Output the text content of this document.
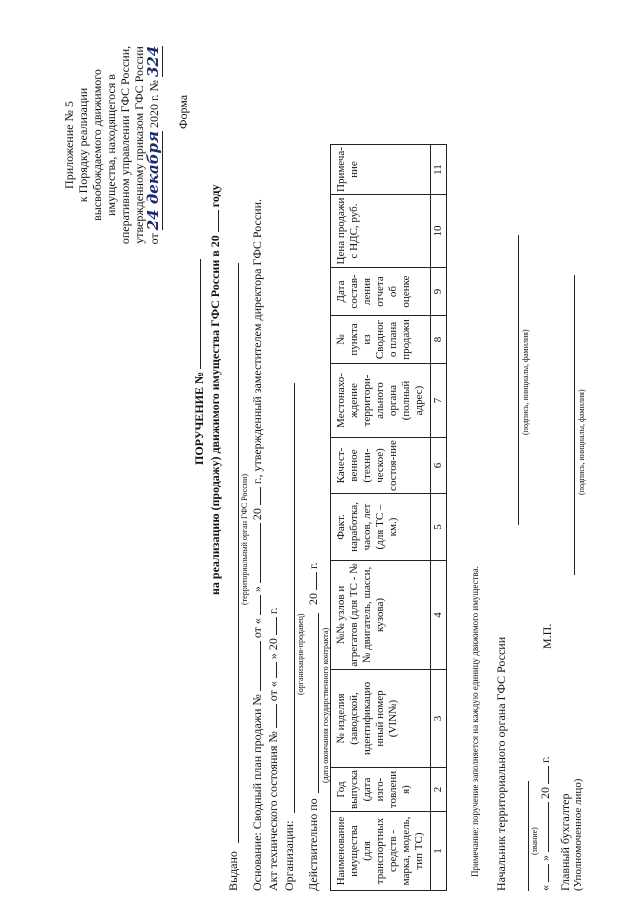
Приложение № 5 к Порядку реализации высвобождаемого движимого имущества, находящегося в оперативном управлении ГФС России, утвержденному приказом ГФС России от 24 декабря 2020 г. № 324
Форма
ПОРУЧЕНИЕ № на реализацию (продажу) движимого имущества ГФС России в 20  году
Выдано
(территориальный орган ГФС России)
Основание: Сводный план продажи №  от «  »  20  г., утвержденный заместителем директора ГФС России.
Акт технического состояния №  от «  » 20  г.
Организации:
(организация-продавец)
Действительно по
20  г.
(дата окончания государственного контракта)
Наименование имущества (для транспортных средств - марка, модель, тип ТС)	Год выпуска (дата изго-товлени я)	№ изделия (заводской, идентификацио нный номер (VIN№)	№№ узлов и агрегатов (для ТС - №№ двигатель, шасси, кузова)	Факт. наработка, часов, лет (для ТС – км.)	Качест-венное (техни-ческое) состоя-ние	Местонахо-ждение территори-ального органа (полный адрес)	№ пункта из Сводног о плана продажи	Дата состав-ления отчета об оценке	Цена продажи с НДС, руб.	Примеча-ние
1	2	3	4	5	6	7	8	9	10	11
Примечание: поручение заполняется на каждую единицу движимого имущества. Начальник территориального органа ГФС России	(звание)
(подпись, инициалы, фамилия)
«  »  20  г.
М.П.
Главный бухгалтер (Уполномоченное лицо)
(подпись, инициалы, фамилия)
